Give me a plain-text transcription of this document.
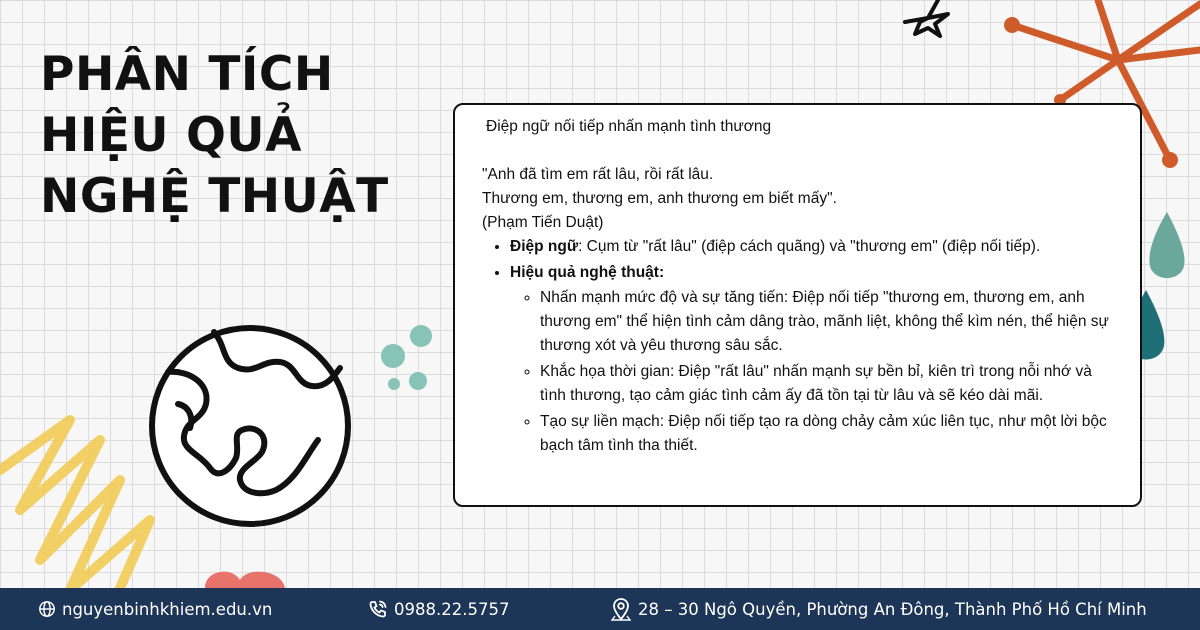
PHÂN TÍCH
HIỆU QUẢ
NGHỆ THUẬT

Điệp ngữ nối tiếp nhấn mạnh tình thương

"Anh đã tìm em rất lâu, rồi rất lâu.

Thương em, thương em, anh thương em biết mấy".

(Phạm Tiến Duật)

• Điệp ngữ: Cụm từ "rất lâu" (điệp cách quãng) và "thương em" (điệp nối tiếp).
• Hiệu quả nghệ thuật:
◦ Nhấn mạnh mức độ và sự tăng tiến: Điệp nối tiếp "thương em, thương em, anh thương em" thể hiện tình cảm dâng trào, mãnh liệt, không thể kìm nén, thể hiện sự thương xót và yêu thương sâu sắc.
◦ Khắc họa thời gian: Điệp "rất lâu" nhấn mạnh sự bền bỉ, kiên trì trong nỗi nhớ và tình thương, tạo cảm giác tình cảm ấy đã tồn tại từ lâu và sẽ kéo dài mãi.
◦ Tạo sự liền mạch: Điệp nối tiếp tạo ra dòng chảy cảm xúc liên tục, như một lời bộc bạch tâm tình tha thiết.
nguyenbinhkhiem.edu.vn	0988.22.5757	28 – 30 Ngô Quyền, Phường An Đông, Thành Phố Hồ Chí Minh
